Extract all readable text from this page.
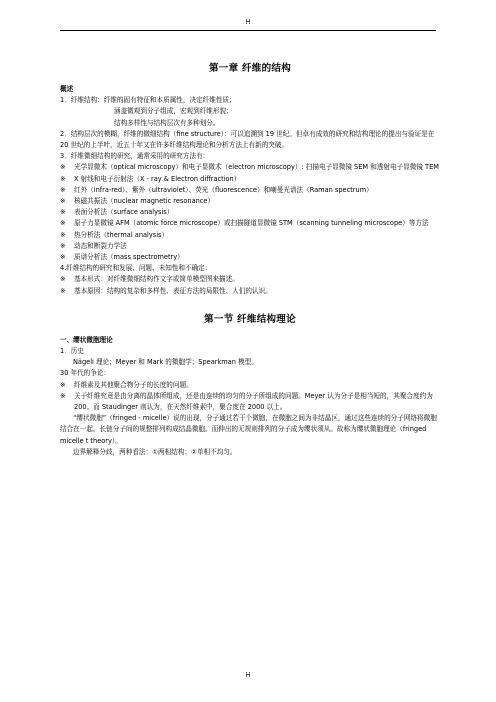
H
第一章 纤维的结构
概述
1．纤维结构：纤维的固有特征和本质属性，决定纤维性质；
涵盖微观到分子组成，宏观到纤维形貌；
结构多样性与结构层次有多种划分。
2．结构层次的模糊，纤维的微细结构（fine structure）：可以追溯到 19 世纪。但卓有成效的研究和结构理论的提出与验证是在 20 世纪的上半叶，近五十年又在许多纤维结构理论和分析方法上有新的突破。
3．纤维微细结构的研究，通常采用的研究方法有：
※	光学显微术（optical microscopy）和电子显微术（electron microscopy）: 扫描电子显微镜 SEM 和透射电子显微镜 TEM
※	X 射线和电子衍射法（X - ray & Electron diffraction）
※	红外（infra-red）、紫外（ultraviolet）、荧光（fluorescence）和喇曼光谱法（Raman spectrum）
※	核磁共振法（nuclear magnetic resonance）
※	表面分析法（surface analysis）
※	原子力显微镜 AFM（atomic force microscope）或扫描隧道显微镜 STM（scanning tunneling microscope）等方法
※	热分析法（thermal analysis）
※	动态和断裂力学法
※	质谱分析法（mass spectrometry）
4.纤维结构的研究和发展、问题、未知性和不确定：
※	基本形式：对纤维微细结构作文字或简单模型图来描述。
※	基本原因：结构的复杂和多样性、表征方法的局限性、人们的认识。
第一节 纤维结构理论
一、缨状微胞理论
1．历史
Nägeli 理论；Meyer 和 Mark 的微胞学；Spearkman 模型。
30 年代的争论：
※	纤维素及其他聚合物分子的长度的问题。
※	关于纤维究竟是由分离的晶体所组成，还是由连续的均匀的分子所组成的问题。Meyer 认为分子是相当短的，其聚合度约为 200。而 Staudinger 则认为，在天然纤维素中，聚合度在 2000 以上。
“缨状微胞”（fringed - micelle）说的出现，分子通过若干个微胞，在微胞之间为非结晶区，通过这些连续的分子网络将微胞结合在一起。长链分子间的规整排列构成结晶微胞。而伸出的无规则排列的分子成为缨状须从。故称为缨状微胞理论（fringed micelle t theory）。
边界解释分歧，两种看法：①两相结构；②单相不均匀。
H
